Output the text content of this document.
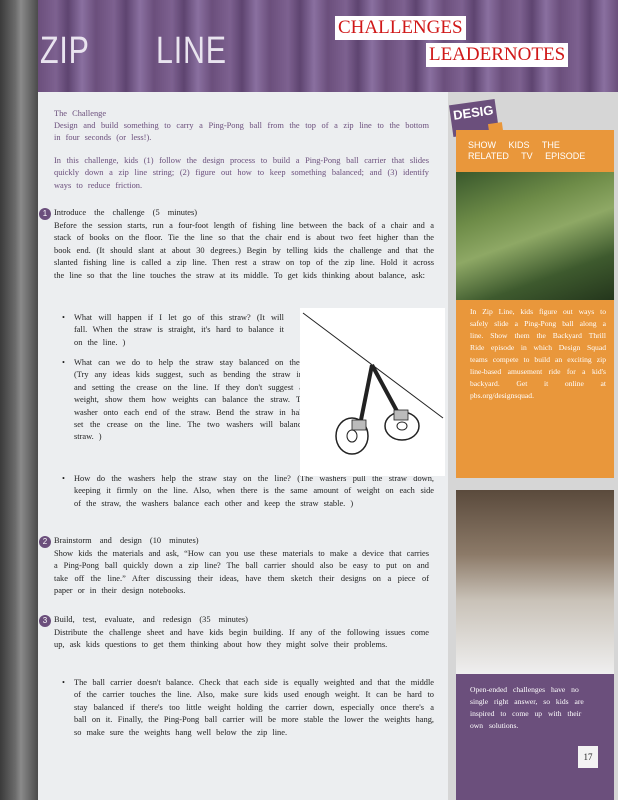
ZIP LINE
CHALLENGES
LEADERNOTES
The Challenge
Design and build something to carry a Ping-Pong ball from the top of a zip line to the bottom in four seconds (or less!).
In this challenge, kids (1) follow the design process to build a Ping-Pong ball carrier that slides quickly down a zip line string; (2) figure out how to keep something balanced; and (3) identify ways to reduce friction.
1 Introduce the challenge (5 minutes)
Before the session starts, run a four-foot length of fishing line between the back of a chair and a stack of books on the floor. Tie the line so that the chair end is about two feet higher than the book end. (It should slant at about 30 degrees.) Begin by telling kids the challenge and that the slanted fishing line is called a zip line. Then rest a straw on top of the zip line. Hold it across the line so that the line touches the straw at its middle. To get kids thinking about balance, ask:
• What will happen if I let go of this straw? (It will fall. When the straw is straight, it's hard to balance it on the line. )
• What can we do to help the straw stay balanced on the line? (Try any ideas kids suggest, such as bending the straw in half and setting the crease on the line. If they don't suggest adding weight, show them how weights can balance the straw. Tape a washer onto each end of the straw. Bend the straw in half and set the crease on the line. The two washers will balance the straw. )
• How do the washers help the straw stay on the line? (The washers pull the straw down, keeping it firmly on the line. Also, when there is the same amount of weight on each side of the straw, the washers balance each other and keep the straw stable. )
2 Brainstorm and design (10 minutes)
Show kids the materials and ask, “How can you use these materials to make a device that carries a Ping-Pong ball quickly down a zip line? The ball carrier should also be easy to put on and take off the line.” After discussing their ideas, have them sketch their designs on a piece of paper or in their design notebooks.
3 Build, test, evaluate, and redesign (35 minutes)
Distribute the challenge sheet and have kids begin building. If any of the following issues come up, ask kids questions to get them thinking about how they might solve their problems.
• The ball carrier doesn't balance. Check that each side is equally weighted and that the middle of the carrier touches the line. Also, make sure kids used enough weight. It can be hard to stay balanced if there's too little weight holding the carrier down, especially once there's a ball on it. Finally, the Ping-Pong ball carrier will be more stable the lower the weights hang, so make sure the weights hang well below the zip line.
DESIG
SHOW KIDS THE RELATED TV EPISODE
In Zip Line, kids figure out ways to safely slide a Ping-Pong ball along a line. Show them the Backyard Thrill Ride episode in which Design Squad teams compete to build an exciting zip line-based amusement ride for a kid's backyard. Get it online at pbs.org/designsquad.
Open-ended challenges have no single right answer, so kids are inspired to come up with their own solutions.
17
